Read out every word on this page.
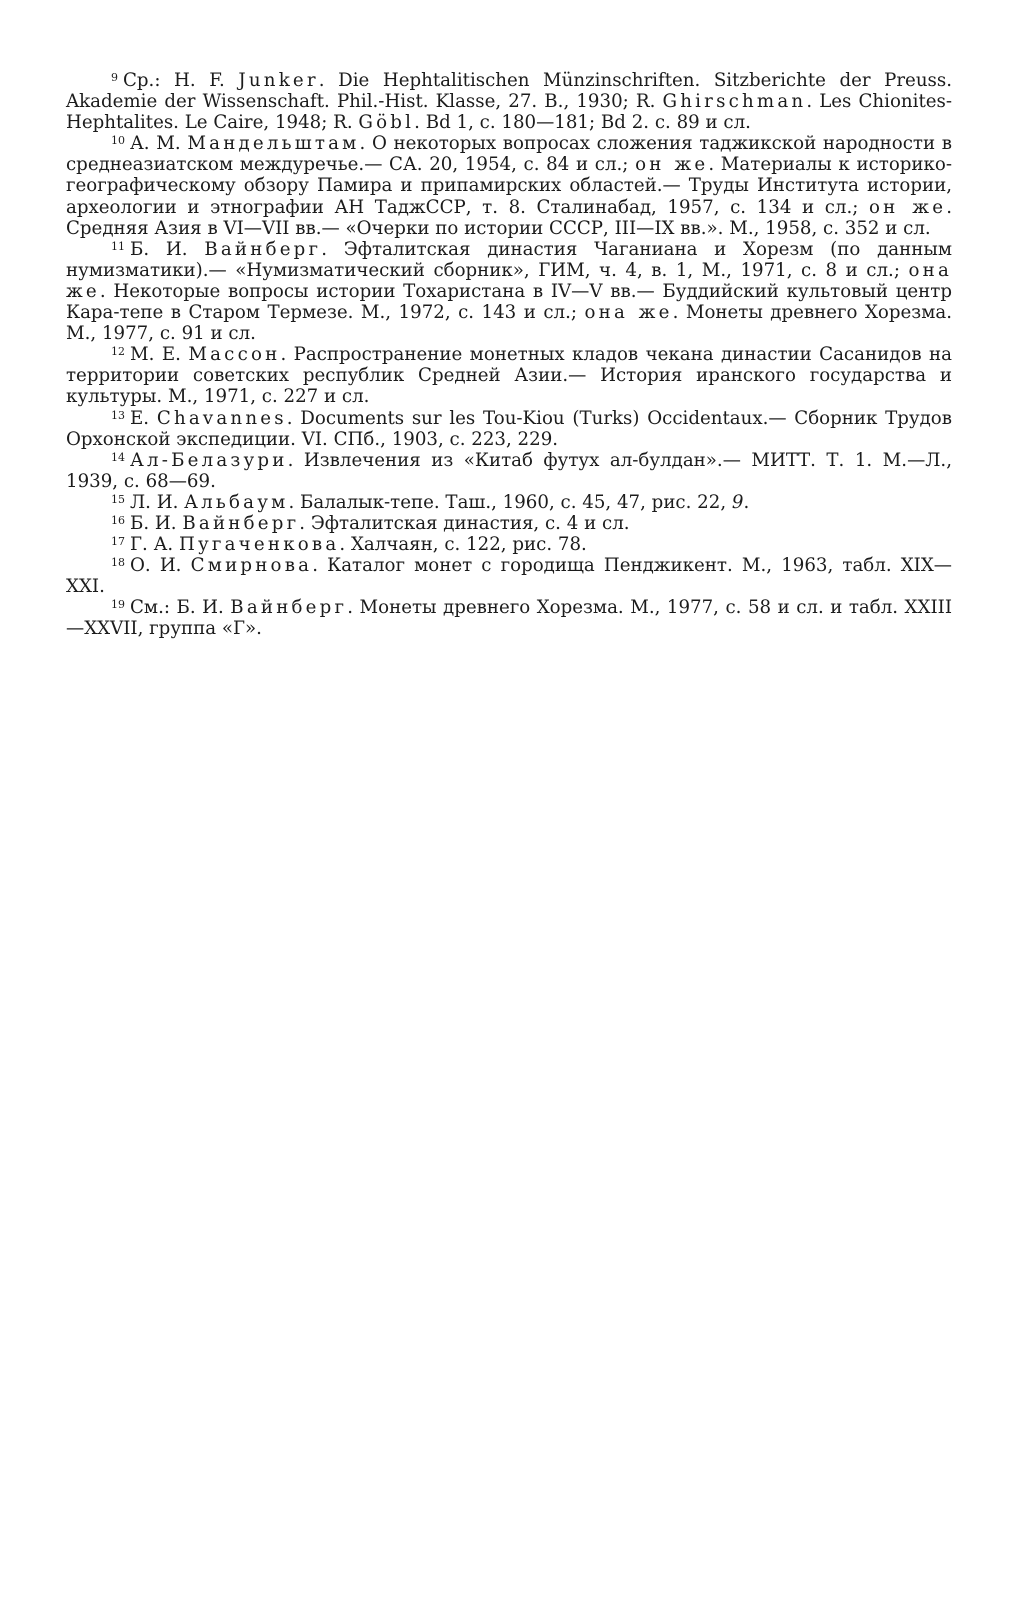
$^9$ Ср.: Н. F. Junker. Die Hephtalitischen Münzinschriften. Sitzberichte der Preuss. Akademie der Wissenschaft. Phil.-Hist. Klasse, 27. В., 1930; R. Ghirschman. Les Chionites-Hephtalites. Le Caire, 1948; R. Göbl. Bd 1, c. 180—181; Bd 2. c. 89 и сл.

$^{10}$ А. М. Мандельштам. О некоторых вопросах сложения таджикской народности в среднеазиатском междуречье.— СА. 20, 1954, с. 84 и сл.; он же. Материалы к историко-географическому обзору Памира и припамирских областей.— Труды Института истории, археологии и этнографии АН ТаджССР, т. 8. Сталинабад, 1957, с. 134 и сл.; он же. Средняя Азия в VI—VII вв.— «Очерки по истории СССР, III—IX вв.». М., 1958, с. 352 и сл.

$^{11}$ Б. И. Вайнберг. Эфталитская династия Чаганиана и Хорезм (по данным нумизматики).— «Нумизматический сборник», ГИМ, ч. 4, в. 1, М., 1971, с. 8 и сл.; она же. Некоторые вопросы истории Тохаристана в IV—V вв.— Буддийский культовый центр Кара-тепе в Старом Термезе. М., 1972, с. 143 и сл.; она же. Монеты древнего Хорезма. М., 1977, с. 91 и сл.

$^{12}$ М. Е. Массон. Распространение монетных кладов чекана династии Сасанидов на территории советских республик Средней Азии.— История иранского государства и культуры. М., 1971, с. 227 и сл.

$^{13}$ Е. Chavannes. Documents sur les Tou-Kiou (Turks) Occidentaux.— Сборник Трудов Орхонской экспедиции. VI. СПб., 1903, с. 223, 229.

$^{14}$ Ал-Белазури. Извлечения из «Китаб футух ал-булдан».— МИТТ. Т. 1. М.—Л., 1939, с. 68—69.

$^{15}$ Л. И. Альбаум. Балалык-тепе. Таш., 1960, с. 45, 47, рис. 22, 9.

$^{16}$ Б. И. Вайнберг. Эфталитская династия, с. 4 и сл.

$^{17}$ Г. А. Пугаченкова. Халчаян, с. 122, рис. 78.

$^{18}$ О. И. Смирнова. Каталог монет с городища Пенджикент. М., 1963, табл. XIX—XXI.

$^{19}$ См.: Б. И. Вайнберг. Монеты древнего Хорезма. М., 1977, с. 58 и сл. и табл. XXIII—XXVII, группа «Г».
